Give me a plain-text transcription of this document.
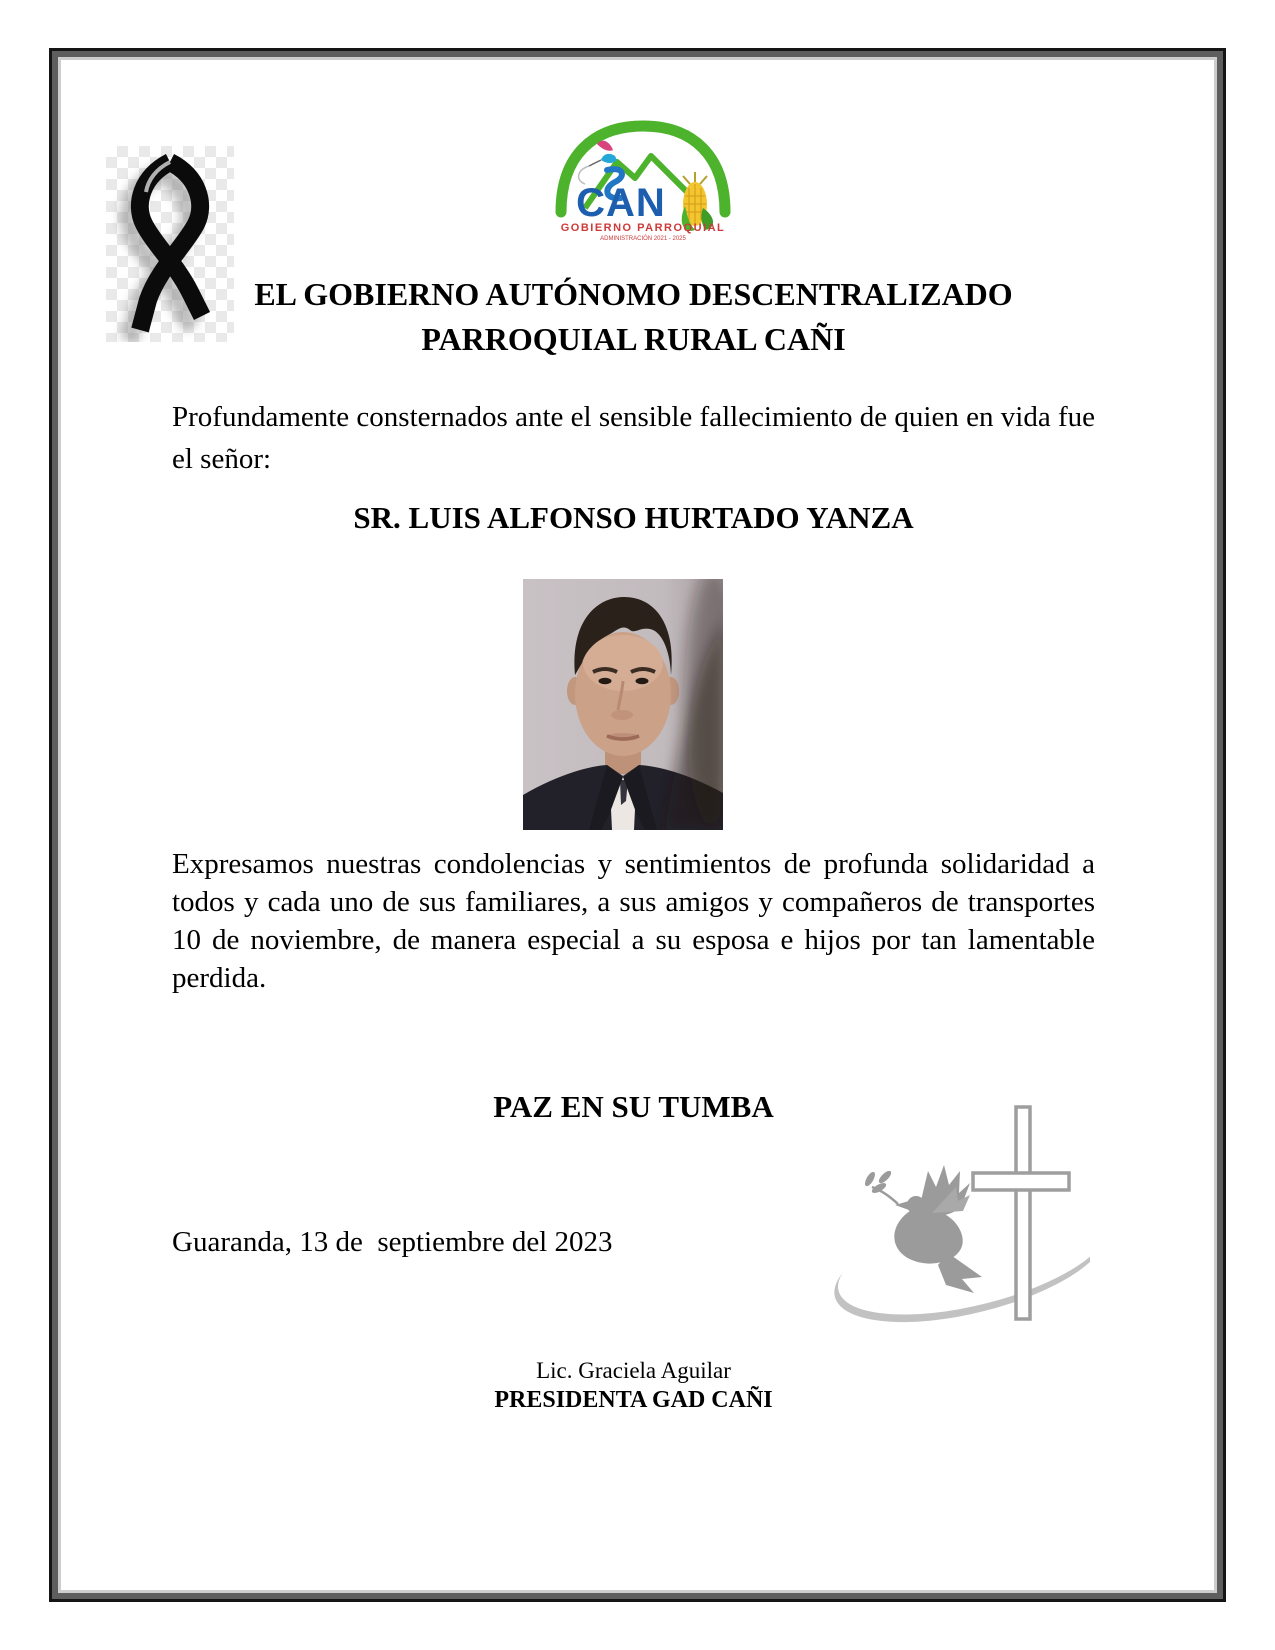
CAN
GOBIERNO PARROQUIAL
ADMINISTRACIÓN 2021 - 2025
EL GOBIERNO AUTÓNOMO DESCENTRALIZADO
PARROQUIAL RURAL CAÑI
Profundamente consternados ante el sensible fallecimiento de quien en vida fue el señor:
SR. LUIS ALFONSO HURTADO YANZA
Expresamos nuestras condolencias y sentimientos de profunda solidaridad a todos y cada uno de sus familiares, a sus amigos y compañeros de transportes 10 de noviembre, de manera especial a su esposa e hijos por tan lamentable perdida.
PAZ EN SU TUMBA
Guaranda, 13 de  septiembre del 2023
Lic. Graciela Aguilar
PRESIDENTA GAD CAÑI
